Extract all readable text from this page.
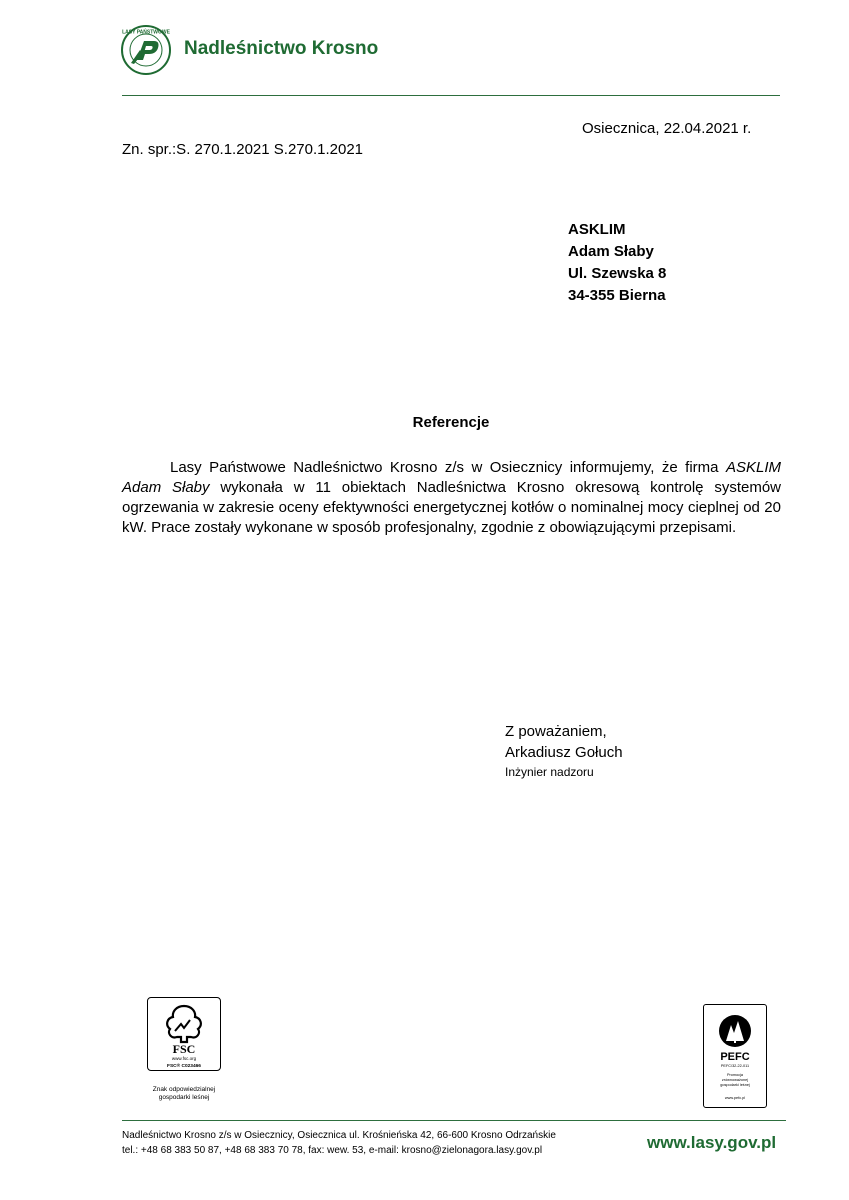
LASY PAŃSTWOWE
Nadleśnictwo Krosno
Osiecznica, 22.04.2021 r.
Zn. spr.:S. 270.1.2021 S.270.1.2021
ASKLIM
Adam Słaby
Ul. Szewska 8
34-355 Bierna
Referencje
Lasy Państwowe Nadleśnictwo Krosno z/s w Osiecznicy informujemy, że firma ASKLIM Adam Słaby wykonała w 11 obiektach Nadleśnictwa Krosno okresową kontrolę systemów ogrzewania w zakresie oceny efektywności energetycznej kotłów o nominalnej mocy cieplnej od 20 kW. Prace zostały wykonane w sposób profesjonalny, zgodnie z obowiązującymi przepisami.
Z poważaniem,
Arkadiusz Gołuch
Inżynier nadzoru
FSC
www.fsc.org
FSC® C023466
Znak odpowiedzialnej
gospodarki leśnej
PEFC
PEFC/32-22-011
Promocja
zrównoważonej
gospodarki leśnej
www.pefc.pl
Nadleśnictwo Krosno z/s w Osiecznicy, Osiecznica ul. Krośnieńska 42, 66-600 Krosno Odrzańskie
tel.: +48 68 383 50 87, +48 68 383 70 78, fax: wew. 53, e-mail: krosno@zielonagora.lasy.gov.pl	www.lasy.gov.pl
